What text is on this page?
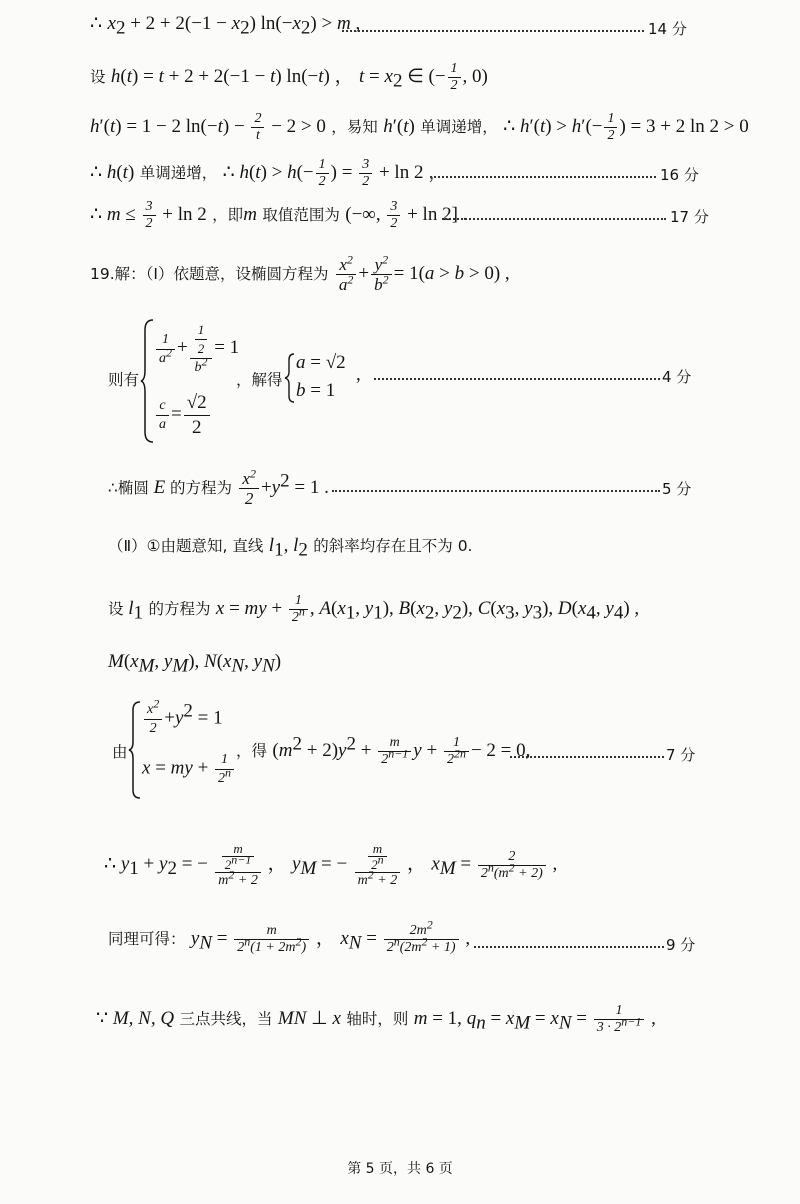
∴ $x_2 + 2 + 2(-1 - x_2) \ln(-x_2) > m$ ,	14 分
设 h(t) = t + 2 + 2(−1 − t) ln(−t) ， $t = x_2$ ∈ (− $\frac{1}{2}$ , 0)
h′(t) = 1 − 2 $\ln(-t) - \frac{2}{t} - 2 > 0$ ，易知 h′(t) 单调递增， ∴ $h'(t) > h'(- \frac{1}{2}$ ) = 3 + 2 ln 2 > 0
∴ h(t) 单调递增， ∴ $h(t) > h(- \frac{1}{2}$ ) = $\frac{3}{2} + \ln 2$ ，	16 分
∴ $m \le \frac{3}{2} + \ln 2$ ，即m 取值范围为 (−∞, $\frac{3}{2} + \ln 2$] .	17 分
19.解：（Ⅰ）依题意，设椭圆方程为 $\frac{x^2}{a^2} + \frac{y^2}{b^2} = 1(a > b > 0)$ ,
则有
$\frac{1}{a^2} + \frac{\frac{1}{2}}{b^2} = 1$
$\frac{c}{a} = \frac{√2}{2}$
，解得
a = √2
b = 1
,	4 分
∴椭圆 E 的方程为 $\frac{x^2}{2} +y^2 = 1$ .	5 分
（Ⅱ）①由题意知, 直线 $l_1$, $l_2$ 的斜率均存在且不为 0.
设 $l_1$ 的方程为 x = my + $\frac{1}{2^n}$ , $A(x_1$, $y_1$), $B(x_2$, $y_2$), $C(x_3$, $y_3$), $D(x_4$, $y_4$) ,
$M(x_M$, $y_M$), $N(x_N$, $y_N$)
由
$\frac{x^2}{2} +y^2 = 1$
x = my + $\frac{1}{2^n}$
，得 $(m^2 + 2)y^2 + \frac{m}{2^{n-1}}$ $y + \frac{1}{2^{2n}} - 2 = 0$,	7 分
∴ $y_1 + y_2$ = − $\frac{\frac{m}{2^{n-1}}}{m^2 + 2}$ ， $y_M$ = − $\frac{\frac{m}{2^n}}{m^2 + 2}$ ， $x_M = \frac{2}{2^n(m^2 + 2)}$ ,
同理可得： $y_N = \frac{m}{2^n(1 + 2m^2)}$ ， $x_N = \frac{2m^2}{2^n(2m^2 + 1)}$ ,	9 分
∵ M, N, Q 三点共线，当 MN ⊥ x 轴时，则 m = 1, $q_n = x_M = x_N = \frac{1}{3 \cdot 2^{n-1}}$ ,
第 5 页，共 6 页
